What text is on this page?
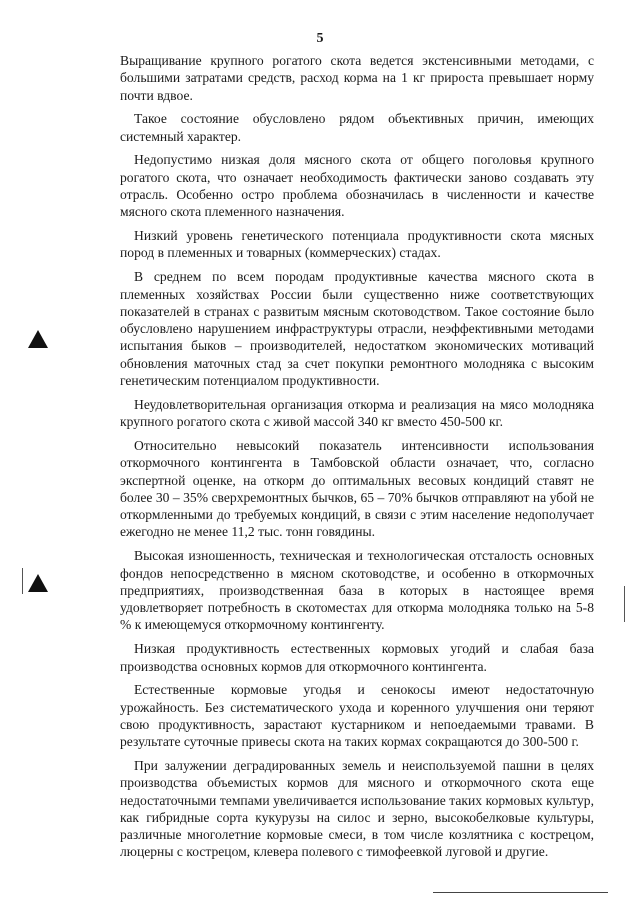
5

Выращивание крупного рогатого скота ведется экстенсивными методами, с большими затратами средств, расход корма на 1 кг прироста превышает норму почти вдвое.

Такое состояние обусловлено рядом объективных причин, имеющих системный характер.

Недопустимо низкая доля мясного скота от общего поголовья крупного рогатого скота, что означает необходимость фактически заново создавать эту отрасль. Особенно остро проблема обозначилась в численности и качестве мясного скота племенного назначения.

Низкий уровень генетического потенциала продуктивности скота мясных пород в племенных и товарных (коммерческих) стадах.

В среднем по всем породам продуктивные качества мясного скота в племенных хозяйствах России были существенно ниже соответствующих показателей в странах с развитым мясным скотоводством. Такое состояние было обусловлено нарушением инфраструктуры отрасли, неэффективными методами испытания быков – производителей, недостатком экономических мотиваций обновления маточных стад за счет покупки ремонтного молодняка с высоким генетическим потенциалом продуктивности.

Неудовлетворительная организация откорма и реализация на мясо молодняка крупного рогатого скота с живой массой 340 кг вместо 450-500 кг.

Относительно невысокий показатель интенсивности использования откормочного контингента в Тамбовской области означает, что, согласно экспертной оценке, на откорм до оптимальных весовых кондиций ставят не более 30 – 35% сверхремонтных бычков, 65 – 70% бычков отправляют на убой не откормленными до требуемых кондиций, в связи с этим население недополучает ежегодно не менее 11,2 тыс. тонн говядины.

Высокая изношенность, техническая и технологическая отсталость основных фондов непосредственно в мясном скотоводстве, и особенно в откормочных предприятиях, производственная база в которых в настоящее время удовлетворяет потребность в скотоместах для откорма молодняка только на 5-8 % к имеющемуся откормочному контингенту.

Низкая продуктивность естественных кормовых угодий и слабая база производства основных кормов для откормочного контингента.

Естественные кормовые угодья и сенокосы имеют недостаточную урожайность. Без систематического ухода и коренного улучшения они теряют свою продуктивность, зарастают кустарником и непоедаемыми травами. В результате суточные привесы скота на таких кормах сокращаются до 300-500 г.

При залужении деградированных земель и неиспользуемой пашни в целях производства объемистых кормов для мясного и откормочного скота еще недостаточными темпами увеличивается использование таких кормовых культур, как гибридные сорта кукурузы на силос и зерно, высокобелковые культуры, различные многолетние кормовые смеси, в том числе козлятника с кострецом, люцерны с кострецом, клевера полевого с тимофеевкой луговой и другие.
